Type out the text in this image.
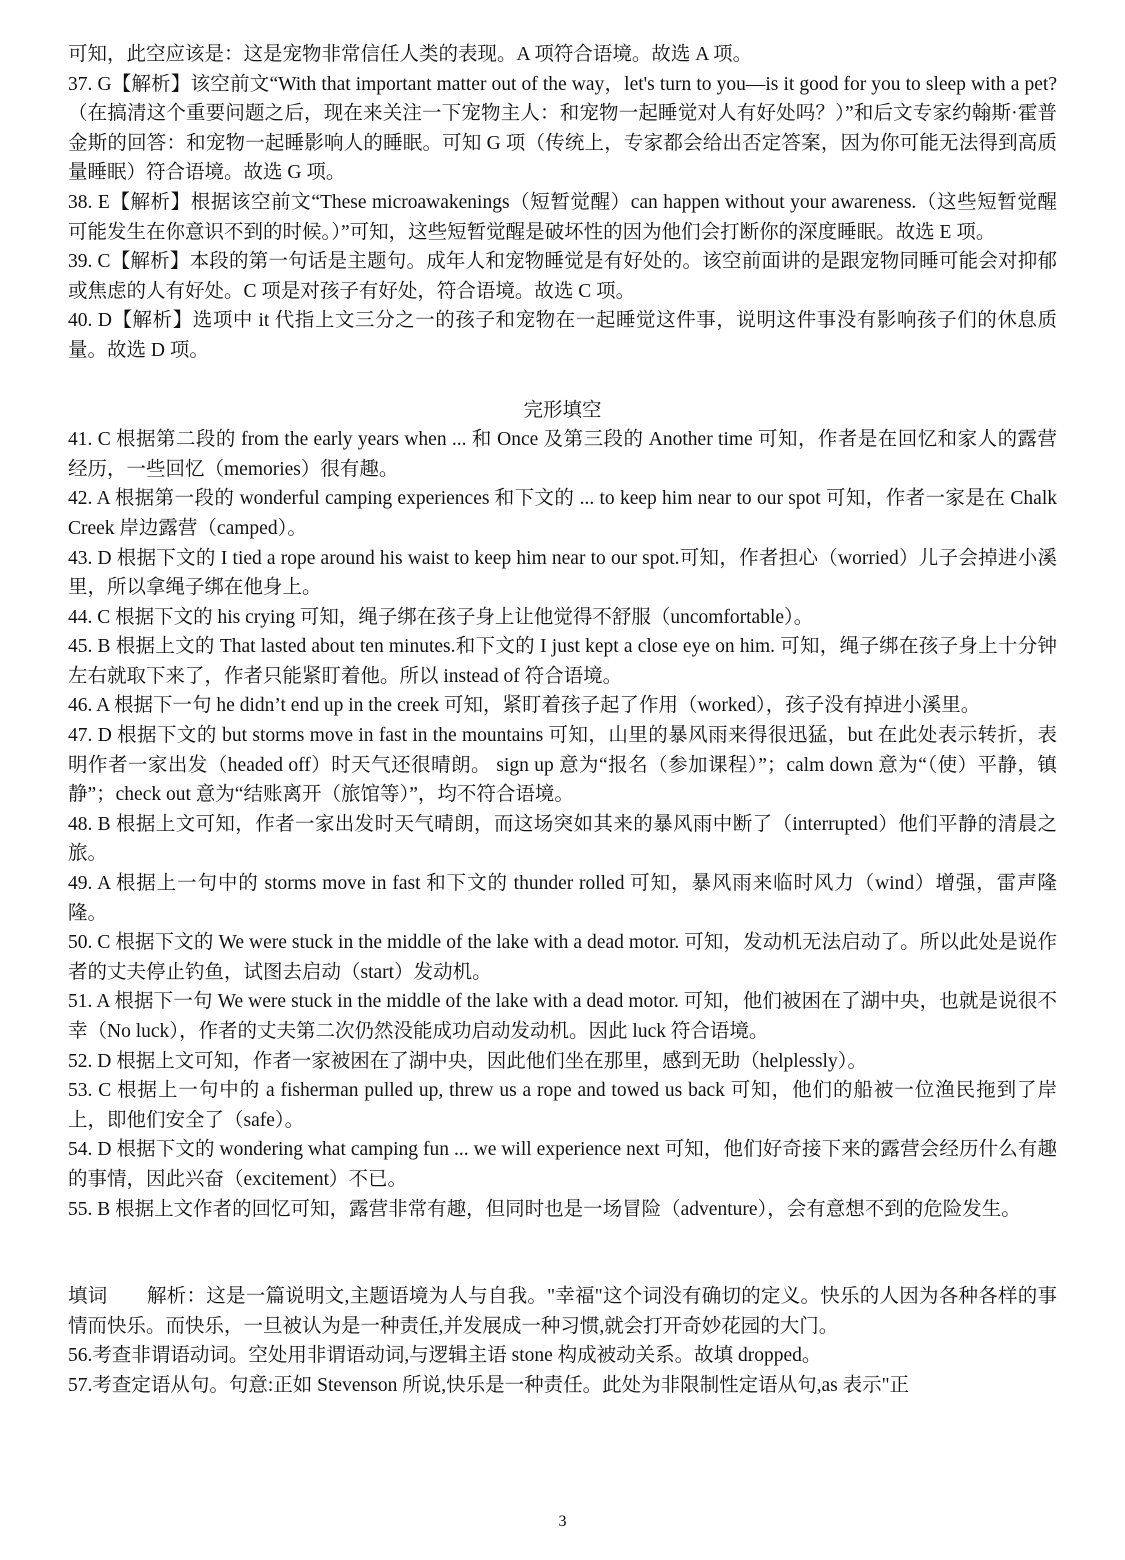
可知，此空应该是：这是宠物非常信任人类的表现。A 项符合语境。故选 A 项。

37. G【解析】该空前文“With that important matter out of the way，let's turn to you—is it good for you to sleep with a pet?（在搞清这个重要问题之后，现在来关注一下宠物主人：和宠物一起睡觉对人有好处吗？）”和后文专家约翰斯·霍普金斯的回答：和宠物一起睡影响人的睡眠。可知 G 项（传统上，专家都会给出否定答案，因为你可能无法得到高质量睡眠）符合语境。故选 G 项。

38. E【解析】根据该空前文“These microawakenings（短暂觉醒）can happen without your awareness.（这些短暂觉醒可能发生在你意识不到的时候。）”可知，这些短暂觉醒是破坏性的因为他们会打断你的深度睡眠。故选 E 项。

39. C【解析】本段的第一句话是主题句。成年人和宠物睡觉是有好处的。该空前面讲的是跟宠物同睡可能会对抑郁或焦虑的人有好处。C 项是对孩子有好处，符合语境。故选 C 项。

40. D【解析】选项中 it 代指上文三分之一的孩子和宠物在一起睡觉这件事，说明这件事没有影响孩子们的休息质量。故选 D 项。

完形填空

41. C 根据第二段的 from the early years when ... 和 Once 及第三段的 Another time 可知，作者是在回忆和家人的露营经历，一些回忆（memories）很有趣。

42. A 根据第一段的 wonderful camping experiences 和下文的 ... to keep him near to our spot 可知，作者一家是在 Chalk Creek 岸边露营（camped）。

43. D 根据下文的 I tied a rope around his waist to keep him near to our spot.可知，作者担心（worried）儿子会掉进小溪里，所以拿绳子绑在他身上。

44. C 根据下文的 his crying 可知，绳子绑在孩子身上让他觉得不舒服（uncomfortable）。

45. B 根据上文的 That lasted about ten minutes.和下文的 I just kept a close eye on him. 可知，绳子绑在孩子身上十分钟左右就取下来了，作者只能紧盯着他。所以 instead of 符合语境。

46. A 根据下一句 he didn’t end up in the creek 可知，紧盯着孩子起了作用（worked），孩子没有掉进小溪里。

47. D 根据下文的 but storms move in fast in the mountains 可知，山里的暴风雨来得很迅猛，but 在此处表示转折，表明作者一家出发（headed off）时天气还很晴朗。 sign up 意为“报名（参加课程）”；calm down 意为“（使）平静，镇静”；check out 意为“结账离开（旅馆等）”，均不符合语境。

48. B 根据上文可知，作者一家出发时天气晴朗，而这场突如其来的暴风雨中断了（interrupted）他们平静的清晨之旅。

49. A 根据上一句中的 storms move in fast 和下文的 thunder rolled 可知，暴风雨来临时风力（wind）增强，雷声隆隆。

50. C 根据下文的 We were stuck in the middle of the lake with a dead motor. 可知，发动机无法启动了。所以此处是说作者的丈夫停止钓鱼，试图去启动（start）发动机。

51. A 根据下一句 We were stuck in the middle of the lake with a dead motor. 可知，他们被困在了湖中央，也就是说很不幸（No luck），作者的丈夫第二次仍然没能成功启动发动机。因此 luck 符合语境。

52. D 根据上文可知，作者一家被困在了湖中央，因此他们坐在那里，感到无助（helplessly）。

53. C 根据上一句中的 a fisherman pulled up, threw us a rope and towed us back 可知，他们的船被一位渔民拖到了岸上，即他们安全了（safe）。

54. D 根据下文的 wondering what camping fun ... we will experience next 可知，他们好奇接下来的露营会经历什么有趣的事情，因此兴奋（excitement）不已。

55. B 根据上文作者的回忆可知，露营非常有趣，但同时也是一场冒险（adventure），会有意想不到的危险发生。

填词　　解析：这是一篇说明文,主题语境为人与自我。"幸福"这个词没有确切的定义。快乐的人因为各种各样的事情而快乐。而快乐，一旦被认为是一种责任,并发展成一种习惯,就会打开奇妙花园的大门。

56.考查非谓语动词。空处用非谓语动词,与逻辑主语 stone 构成被动关系。故填 dropped。

57.考查定语从句。句意:正如 Stevenson 所说,快乐是一种责任。此处为非限制性定语从句,as 表示"正

3
